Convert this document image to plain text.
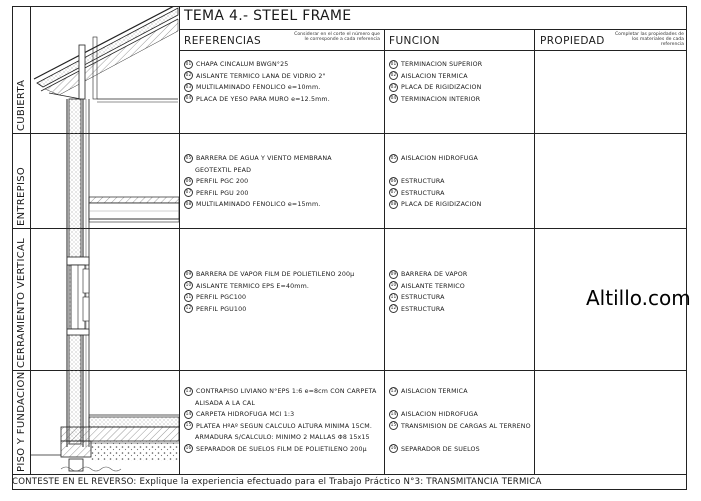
TEMA 4.- STEEL FRAME
REFERENCIAS
Considerar en el corte el número que le corresponde a cada referencia FUNCION	PROPIEDAD
Completar las propiedades de los materiales de cada referencia
CUBIERTA
ENTREPISO
CERRAMIENTO VERTICAL
PISO Y FUNDACION
01 CHAPA CINCALUM BWGN°25
02 AISLANTE TERMICO LANA DE VIDRIO 2"
03 MULTILAMINADO FENOLICO e=10mm.
04 PLACA DE YESO PARA MURO e=12.5mm.
01 TERMINACION SUPERIOR
02 AISLACION TERMICA
03 PLACA DE RIGIDIZACION
04 TERMINACION INTERIOR
05 BARRERA DE AGUA Y VIENTO MEMBRANA
GEOTEXTIL PEAD
06 PERFIL PGC 200
07 PERFIL PGU 200
08 MULTILAMINADO FENOLICO e=15mm.
05 AISLACION HIDROFUGA
06 ESTRUCTURA
07 ESTRUCTURA
08 PLACA DE RIGIDIZACION
09 BARRERA DE VAPOR FILM DE POLIETILENO 200µ
10 AISLANTE TERMICO EPS E=40mm.
11 PERFIL PGC100
12 PERFIL PGU100
09 BARRERA DE VAPOR
10 AISLANTE TERMICO
11 ESTRUCTURA
12 ESTRUCTURA
13 CONTRAPISO LIVIANO N°EPS 1:6 e=8cm CON CARPETA
ALISADA A LA CAL
14 CARPETA HIDROFUGA MCI 1:3
15 PLATEA HºAº SEGUN CALCULO ALTURA MINIMA 15CM.
ARMADURA S/CALCULO: MINIMO 2 MALLAS Φ8 15x15
16 SEPARADOR DE SUELOS FILM DE POLIETILENO 200µ
13 AISLACION TERMICA
14 AISLACION HIDROFUGA
15 TRANSMISION DE CARGAS AL TERRENO
16 SEPARADOR DE SUELOS
Altillo.com
CONTESTE EN EL REVERSO: Explique la experiencia efectuado para el Trabajo Práctico N°3: TRANSMITANCIA TERMICA
